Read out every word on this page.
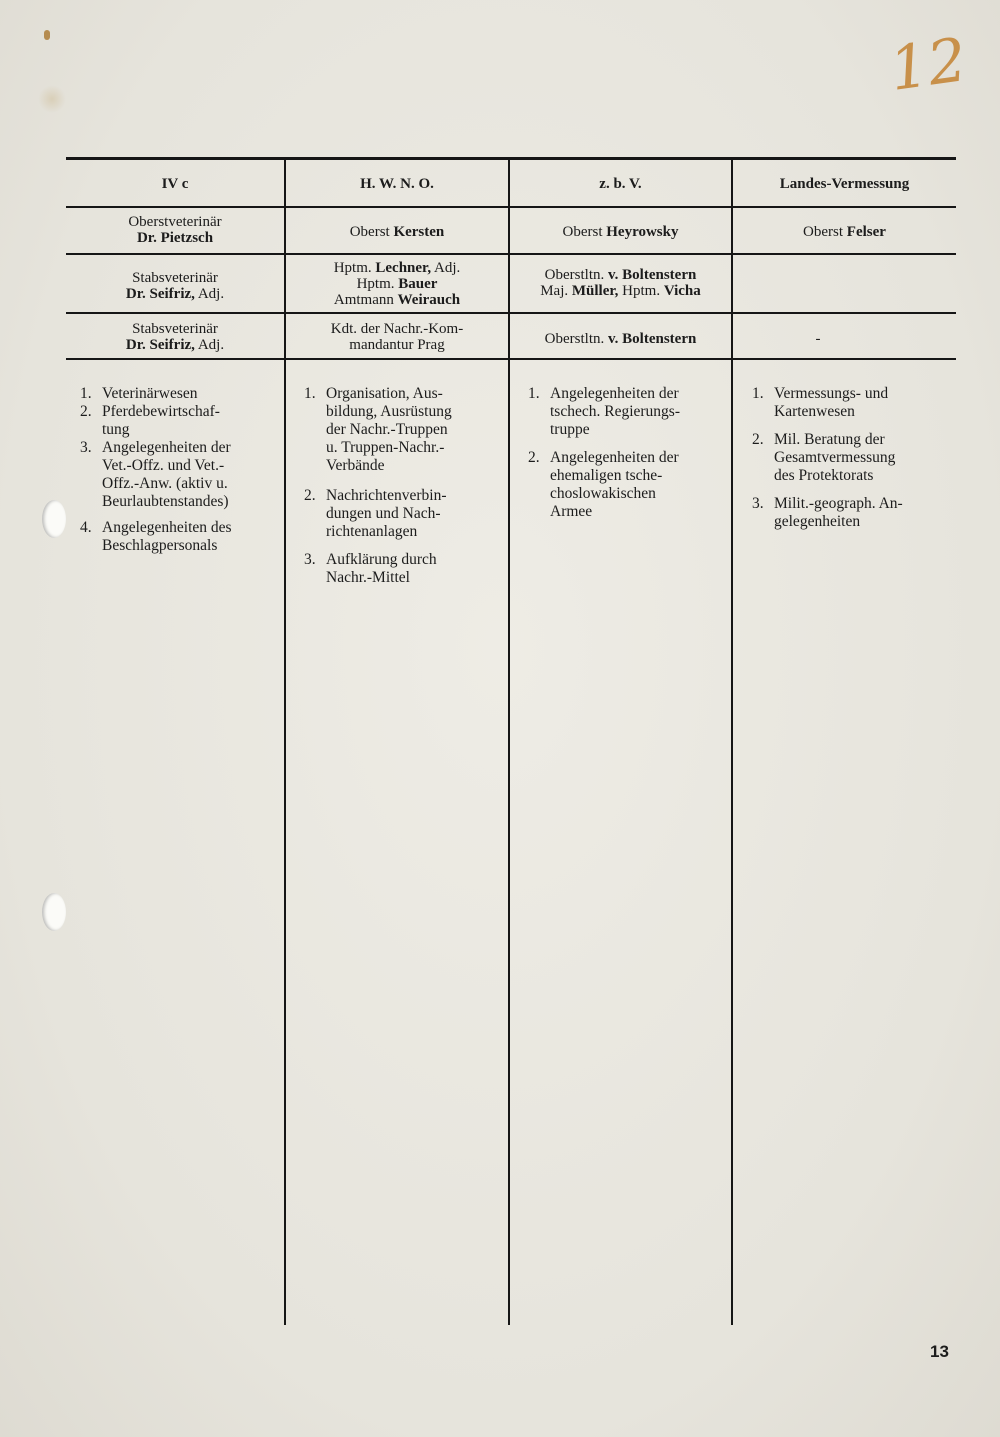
12
IV c
Oberstveterinär
Dr. Pietzsch
Stabsveterinär
Dr. Seifriz, Adj.
Stabsveterinär
Dr. Seifriz, Adj.
1. Veterinärwesen
2. Pferdebewirtschaf-
tung
3. Angelegenheiten der
Vet.-Offz. und Vet.-
Offz.-Anw. (aktiv u.
Beurlaubtenstandes)
4. Angelegenheiten des
Beschlagpersonals
H. W. N. O.
Oberst Kersten
Hptm. Lechner, Adj.
Hptm. Bauer
Amtmann Weirauch
Kdt. der Nachr.-Kom-
mandantur Prag
1. Organisation, Aus-
bildung, Ausrüstung
der Nachr.-Truppen
u. Truppen-Nachr.-
Verbände
2. Nachrichtenverbin-
dungen und Nach-
richtenanlagen
3. Aufklärung durch
Nachr.-Mittel
z. b. V.
Oberst Heyrowsky
Oberstltn. v. Boltenstern
Maj. Müller, Hptm. Vicha
Oberstltn. v. Boltenstern
1. Angelegenheiten der
tschech. Regierungs-
truppe
2. Angelegenheiten der
ehemaligen tsche-
choslowakischen
Armee
Landes-Vermessung
Oberst Felser
-
1. Vermessungs- und
Kartenwesen
2. Mil. Beratung der
Gesamtvermessung
des Protektorats
3. Milit.-geograph. An-
gelegenheiten
13
